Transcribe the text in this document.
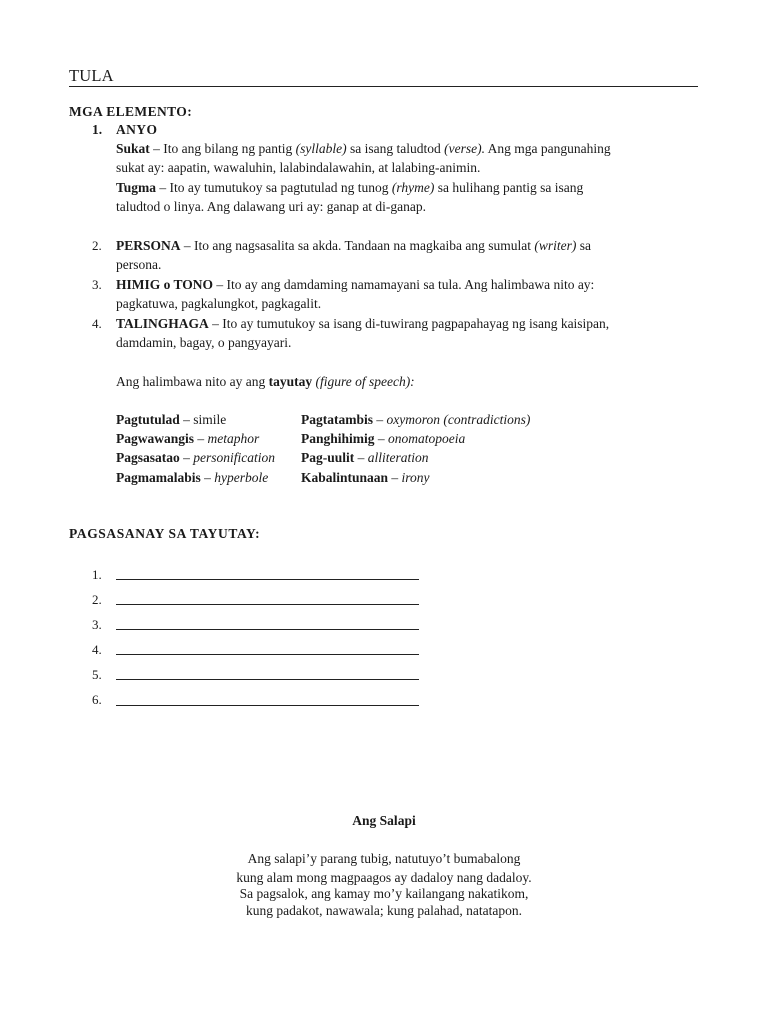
TULA
MGA ELEMENTO:
1. ANYO
Sukat – Ito ang bilang ng pantig (syllable) sa isang taludtod (verse). Ang mga pangunahing
sukat ay: aapatin, wawaluhin, lalabindalawahin, at lalabing-animin.
Tugma – Ito ay tumutukoy sa pagtutulad ng tunog (rhyme) sa hulihang pantig sa isang
taludtod o linya. Ang dalawang uri ay: ganap at di-ganap.
2. PERSONA – Ito ang nagsasalita sa akda. Tandaan na magkaiba ang sumulat (writer) sa
persona.
3. HIMIG o TONO – Ito ay ang damdaming namamayani sa tula. Ang halimbawa nito ay:
pagkatuwa, pagkalungkot, pagkagalit.
4. TALINGHAGA – Ito ay tumutukoy sa isang di-tuwirang pagpapahayag ng isang kaisipan,
damdamin, bagay, o pangyayari.
Ang halimbawa nito ay ang tayutay (figure of speech):
Pagtutulad – simile
Pagwawangis – metaphor
Pagsasatao – personification
Pagmamalabis – hyperbole
Pagtatambis – oxymoron (contradictions)
Panghihimig – onomatopoeia
Pag-uulit – alliteration
Kabalintunaan – irony
PAGSASANAY SA TAYUTAY:
1.
2.
3.
4.
5.
6.
Ang Salapi
Ang salapi’y parang tubig, natutuyo’t bumabalong
kung alam mong magpaagos ay dadaloy nang dadaloy.
Sa pagsalok, ang kamay mo’y kailangang nakatikom,
kung padakot, nawawala; kung palahad, natatapon.
